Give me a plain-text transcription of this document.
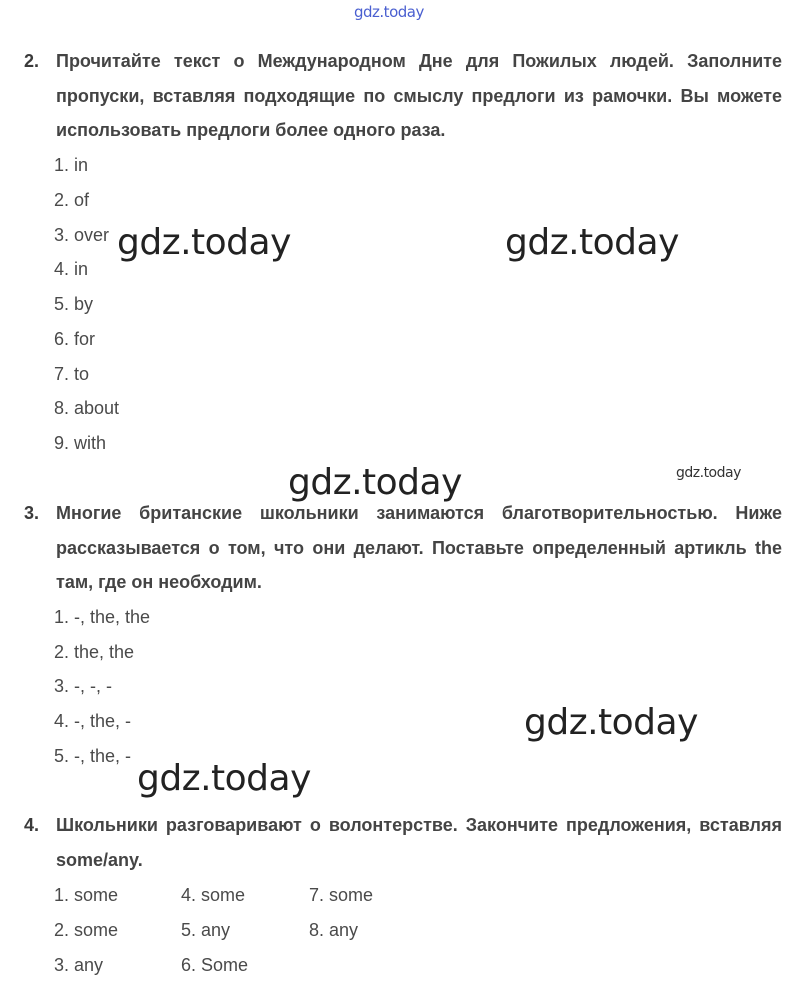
gdz.today
2. Прочитайте текст о Международном Дне для Пожилых людей. Заполните пропуски, вставляя подходящие по смыслу предлоги из рамочки. Вы можете использовать предлоги более одного раза.
1. in
2. of
3. over
4. in
5. by
6. for
7. to
8. about
9. with
3. Многие британские школьники занимаются благотворительностью. Ниже рассказывается о том, что они делают. Поставьте определенный артикль the там, где он необходим.
1. -, the, the
2. the, the
3. -, -, -
4. -, the, -
5. -, the, -
4. Школьники разговаривают о волонтерстве. Закончите предложения, вставляя some/any.
1. some
2. some
3. any
4. some
5. any
6. Some
7. some
8. any
gdz.today	gdz.today
gdz.today	gdz.today
gdz.today
gdz.today
